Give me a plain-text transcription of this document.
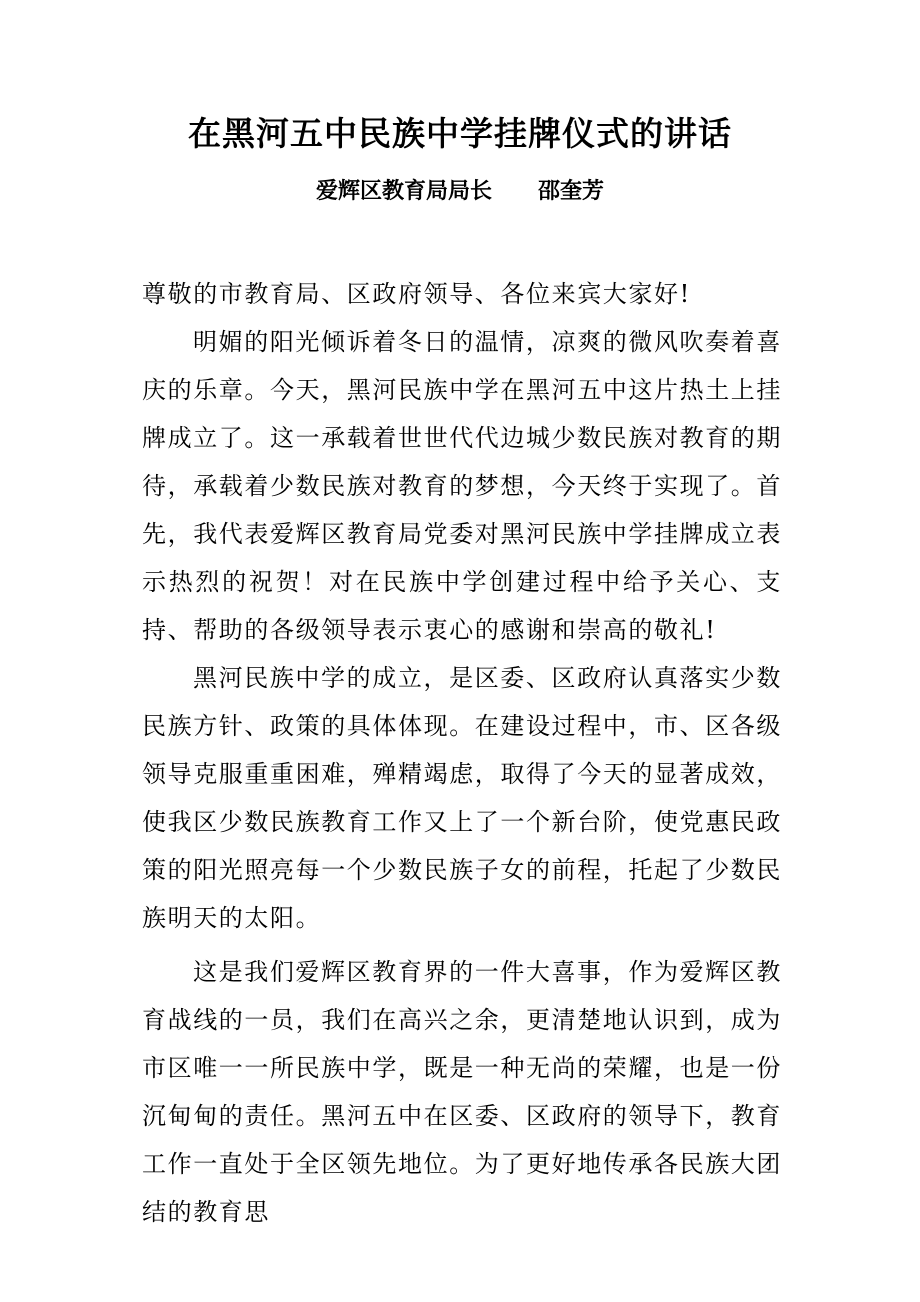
在黑河五中民族中学挂牌仪式的讲话
爱辉区教育局局长      邵奎芳

尊敬的市教育局、区政府领导、各位来宾大家好!

明媚的阳光倾诉着冬日的温情，凉爽的微风吹奏着喜庆的乐章。今天，黑河民族中学在黑河五中这片热土上挂牌成立了。这一承载着世世代代边城少数民族对教育的期待，承载着少数民族对教育的梦想，今天终于实现了。首先，我代表爱辉区教育局党委对黑河民族中学挂牌成立表示热烈的祝贺！对在民族中学创建过程中给予关心、支持、帮助的各级领导表示衷心的感谢和崇高的敬礼!

黑河民族中学的成立，是区委、区政府认真落实少数民族方针、政策的具体体现。在建设过程中，市、区各级领导克服重重困难，殚精竭虑，取得了今天的显著成效，使我区少数民族教育工作又上了一个新台阶，使党惠民政策的阳光照亮每一个少数民族子女的前程，托起了少数民族明天的太阳。

这是我们爱辉区教育界的一件大喜事，作为爱辉区教育战线的一员，我们在高兴之余，更清楚地认识到，成为市区唯一一所民族中学，既是一种无尚的荣耀，也是一份沉甸甸的责任。黑河五中在区委、区政府的领导下，教育工作一直处于全区领先地位。为了更好地传承各民族大团结的教育思
